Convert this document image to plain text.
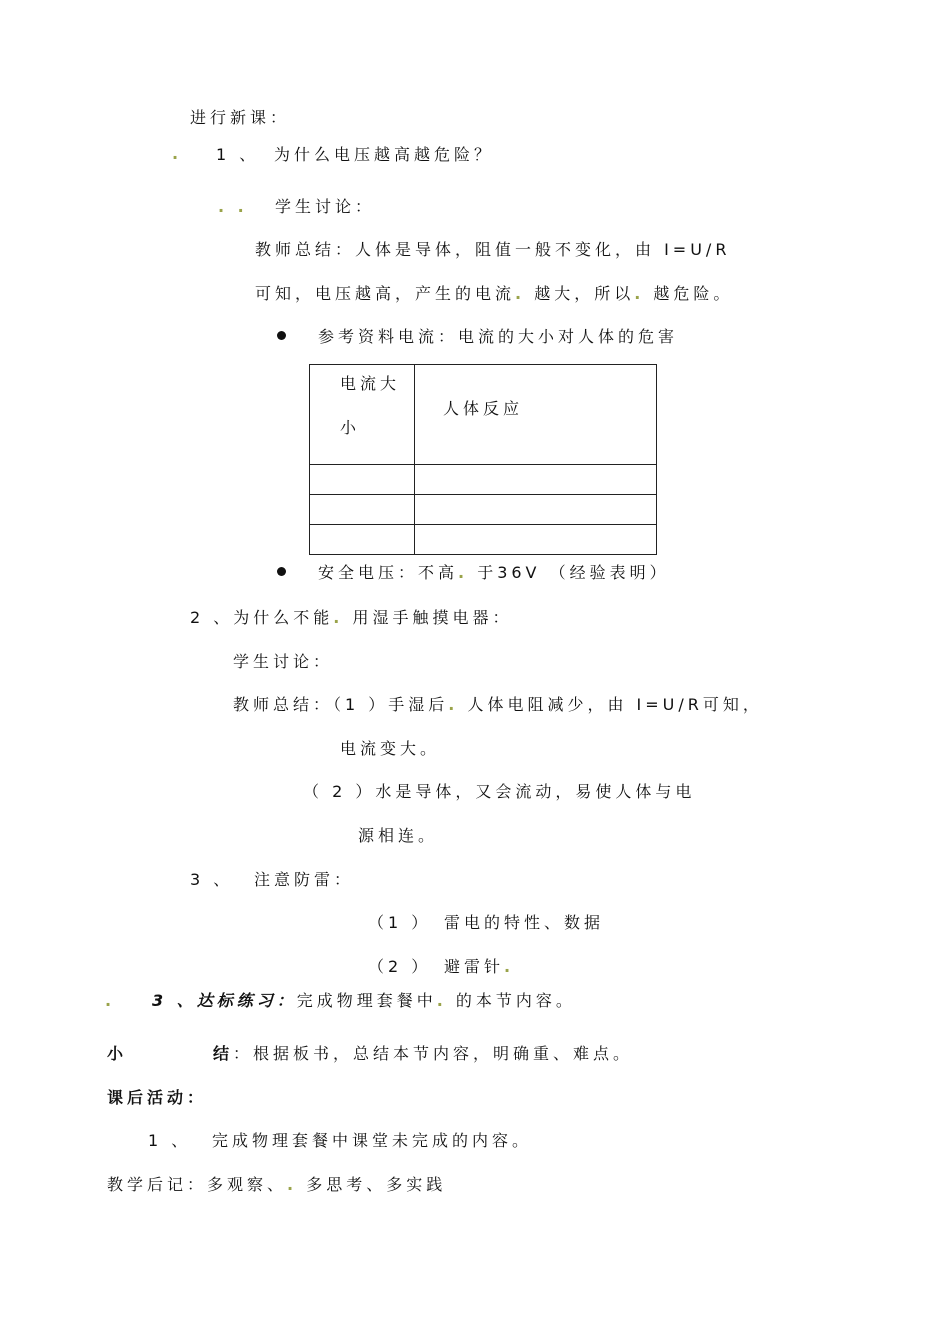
进行新课：
. 1 、 为什么电压越高越危险？
. . 学生讨论：
教师总结：人体是导体，阻值一般不变化，由 I=U/R
可知，电压越高，产生的电流. 越大，所以. 越危险。
参考资料电流：电流的大小对人体的危害
电流大
小	人体反应

安全电压：不高. 于36V （经验表明）
2 、为什么不能. 用湿手触摸电器：
学生讨论：
教师总结：（1 ）手湿后. 人体电阻减少，由 I=U/R可知，
电流变大。
（ 2 ）水是导体，又会流动，易使人体与电
源相连。
3 、 注意防雷：
（1 ） 雷电的特性、数据
（2 ） 避雷针.
. 3 、达标练习：完成物理套餐中. 的本节内容。
小	结：根据板书，总结本节内容，明确重、难点。
课后活动：
1 、 完成物理套餐中课堂未完成的内容。
教学后记：多观察、. 多思考、多实践
